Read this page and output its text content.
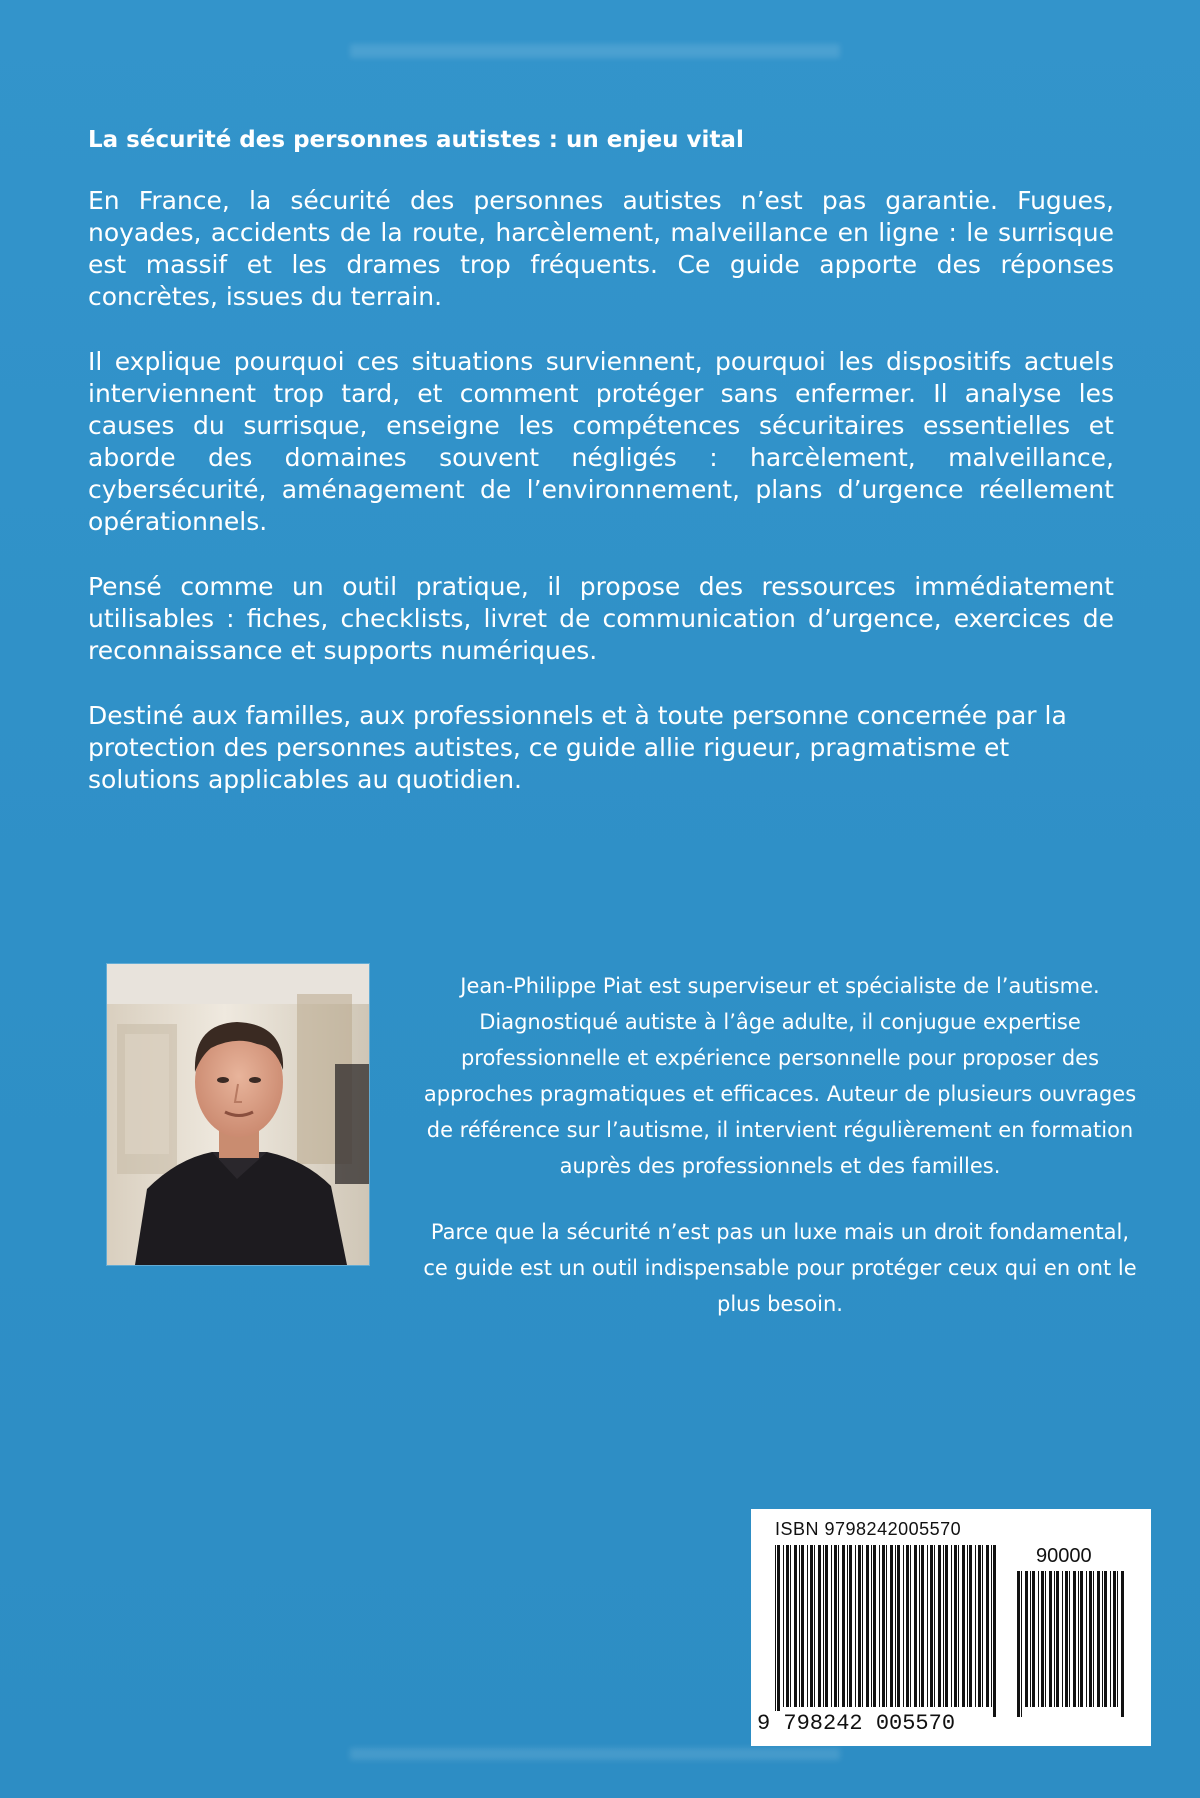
La sécurité des personnes autistes : un enjeu vital

En France, la sécurité des personnes autistes n’est pas garantie. Fugues, noyades, accidents de la route, harcèlement, malveillance en ligne : le surrisque est massif et les drames trop fréquents. Ce guide apporte des réponses concrètes, issues du terrain.

Il explique pourquoi ces situations surviennent, pourquoi les dispositifs actuels interviennent trop tard, et comment protéger sans enfermer. Il analyse les causes du surrisque, enseigne les compétences sécuritaires essentielles et aborde des domaines souvent négligés : harcèlement, malveillance, cybersécurité, aménagement de l’environnement, plans d’urgence réellement opérationnels.

Pensé comme un outil pratique, il propose des ressources immédiatement utilisables : fiches, checklists, livret de communication d’urgence, exercices de reconnaissance et supports numériques.

Destiné aux familles, aux professionnels et à toute personne concernée par la protection des personnes autistes, ce guide allie rigueur, pragmatisme et solutions applicables au quotidien.

Jean-Philippe Piat est superviseur et spécialiste de l’autisme. Diagnostiqué autiste à l’âge adulte, il conjugue expertise professionnelle et expérience personnelle pour proposer des approches pragmatiques et efficaces. Auteur de plusieurs ouvrages de référence sur l’autisme, il intervient régulièrement en formation auprès des professionnels et des familles.

Parce que la sécurité n’est pas un luxe mais un droit fondamental, ce guide est un outil indispensable pour protéger ceux qui en ont le plus besoin.

ISBN 9798242005570
90000
9 798242 005570
